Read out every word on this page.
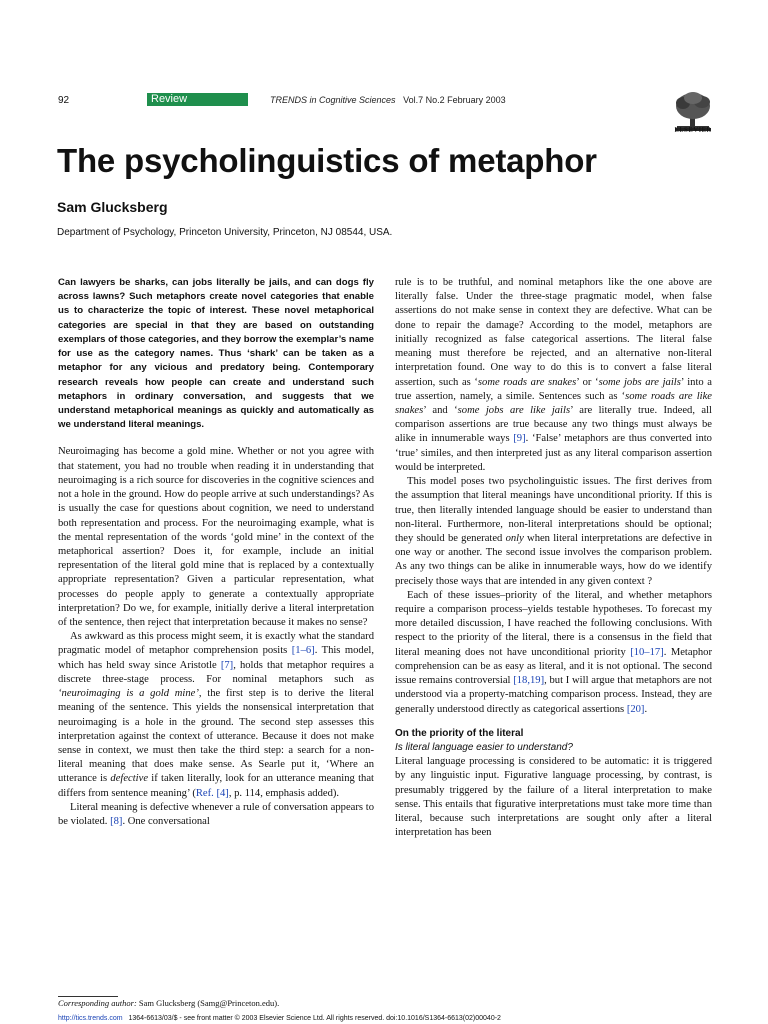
92	Review	TRENDS in Cognitive Sciences Vol.7 No.2 February 2003
ELSEVIER
The psycholinguistics of metaphor
Sam Glucksberg
Department of Psychology, Princeton University, Princeton, NJ 08544, USA.

Can lawyers be sharks, can jobs literally be jails, and can dogs fly across lawns? Such metaphors create novel categories that enable us to characterize the topic of interest. These novel metaphorical categories are special in that they are based on outstanding exemplars of those categories, and they borrow the exemplar’s name for use as the category names. Thus ‘shark’ can be taken as a metaphor for any vicious and predatory being. Contemporary research reveals how people can create and understand such metaphors in ordinary conversation, and suggests that we understand metaphorical meanings as quickly and automatically as we understand literal meanings.

Neuroimaging has become a gold mine. Whether or not you agree with that statement, you had no trouble when reading it in understanding that neuroimaging is a rich source for discoveries in the cognitive sciences and not a hole in the ground. How do people arrive at such understandings? As is usually the case for questions about cognition, we need to understand both representation and process. For the neuroimaging example, what is the mental representation of the words ‘gold mine’ in the context of the metaphorical assertion? Does it, for example, include an initial representation of the literal gold mine that is replaced by a contextually appropriate representation? Given a particular representation, what processes do people apply to generate a contextually appropriate interpretation? Do we, for example, initially derive a literal interpretation of the sentence, then reject that interpretation because it makes no sense?

As awkward as this process might seem, it is exactly what the standard pragmatic model of metaphor comprehension posits [1–6]. This model, which has held sway since Aristotle [7], holds that metaphor requires a discrete three-stage process. For nominal metaphors such as ‘neuroimaging is a gold mine’, the first step is to derive the literal meaning of the sentence. This yields the nonsensical interpretation that neuroimaging is a hole in the ground. The second step assesses this interpretation against the context of utterance. Because it does not make sense in context, we must then take the third step: a search for a non-literal meaning that does make sense. As Searle put it, ‘Where an utterance is defective if taken literally, look for an utterance meaning that differs from sentence meaning’ (Ref. [4], p. 114, emphasis added).

Literal meaning is defective whenever a rule of conversation appears to be violated. [8]. One conversational

rule is to be truthful, and nominal metaphors like the one above are literally false. Under the three-stage pragmatic model, when false assertions do not make sense in context they are defective. What can be done to repair the damage? According to the model, metaphors are initially recognized as false categorical assertions. The literal false meaning must therefore be rejected, and an alternative non-literal interpretation found. One way to do this is to convert a false literal assertion, such as ‘some roads are snakes’ or ‘some jobs are jails’ into a true assertion, namely, a simile. Sentences such as ‘some roads are like snakes’ and ‘some jobs are like jails’ are literally true. Indeed, all comparison assertions are true because any two things must always be alike in innumerable ways [9]. ‘False’ metaphors are thus converted into ‘true’ similes, and then interpreted just as any literal comparison assertion would be interpreted.

This model poses two psycholinguistic issues. The first derives from the assumption that literal meanings have unconditional priority. If this is true, then literally intended language should be easier to understand than non-literal. Furthermore, non-literal interpretations should be optional; they should be generated only when literal interpretations are defective in one way or another. The second issue involves the comparison problem. As any two things can be alike in innumerable ways, how do we identify precisely those ways that are intended in any given context ?

Each of these issues–priority of the literal, and whether metaphors require a comparison process–yields testable hypotheses. To forecast my more detailed discussion, I have reached the following conclusions. With respect to the priority of the literal, there is a consensus in the field that literal meaning does not have unconditional priority [10–17]. Metaphor comprehension can be as easy as literal, and it is not optional. The second issue remains controversial [18,19], but I will argue that metaphors are not understood via a property-matching comparison process. Instead, they are generally understood directly as categorical assertions [20].

On the priority of the literal

Is literal language easier to understand?

Literal language processing is considered to be automatic: it is triggered by any linguistic input. Figurative language processing, by contrast, is presumably triggered by the failure of a literal interpretation to make sense. This entails that figurative interpretations must take more time than literal, because such interpretations are sought only after a literal interpretation has been

Corresponding author: Sam Glucksberg (Samg@Princeton.edu).
http://tics.trends.com 1364-6613/03/$ - see front matter © 2003 Elsevier Science Ltd. All rights reserved. doi:10.1016/S1364-6613(02)00040-2
